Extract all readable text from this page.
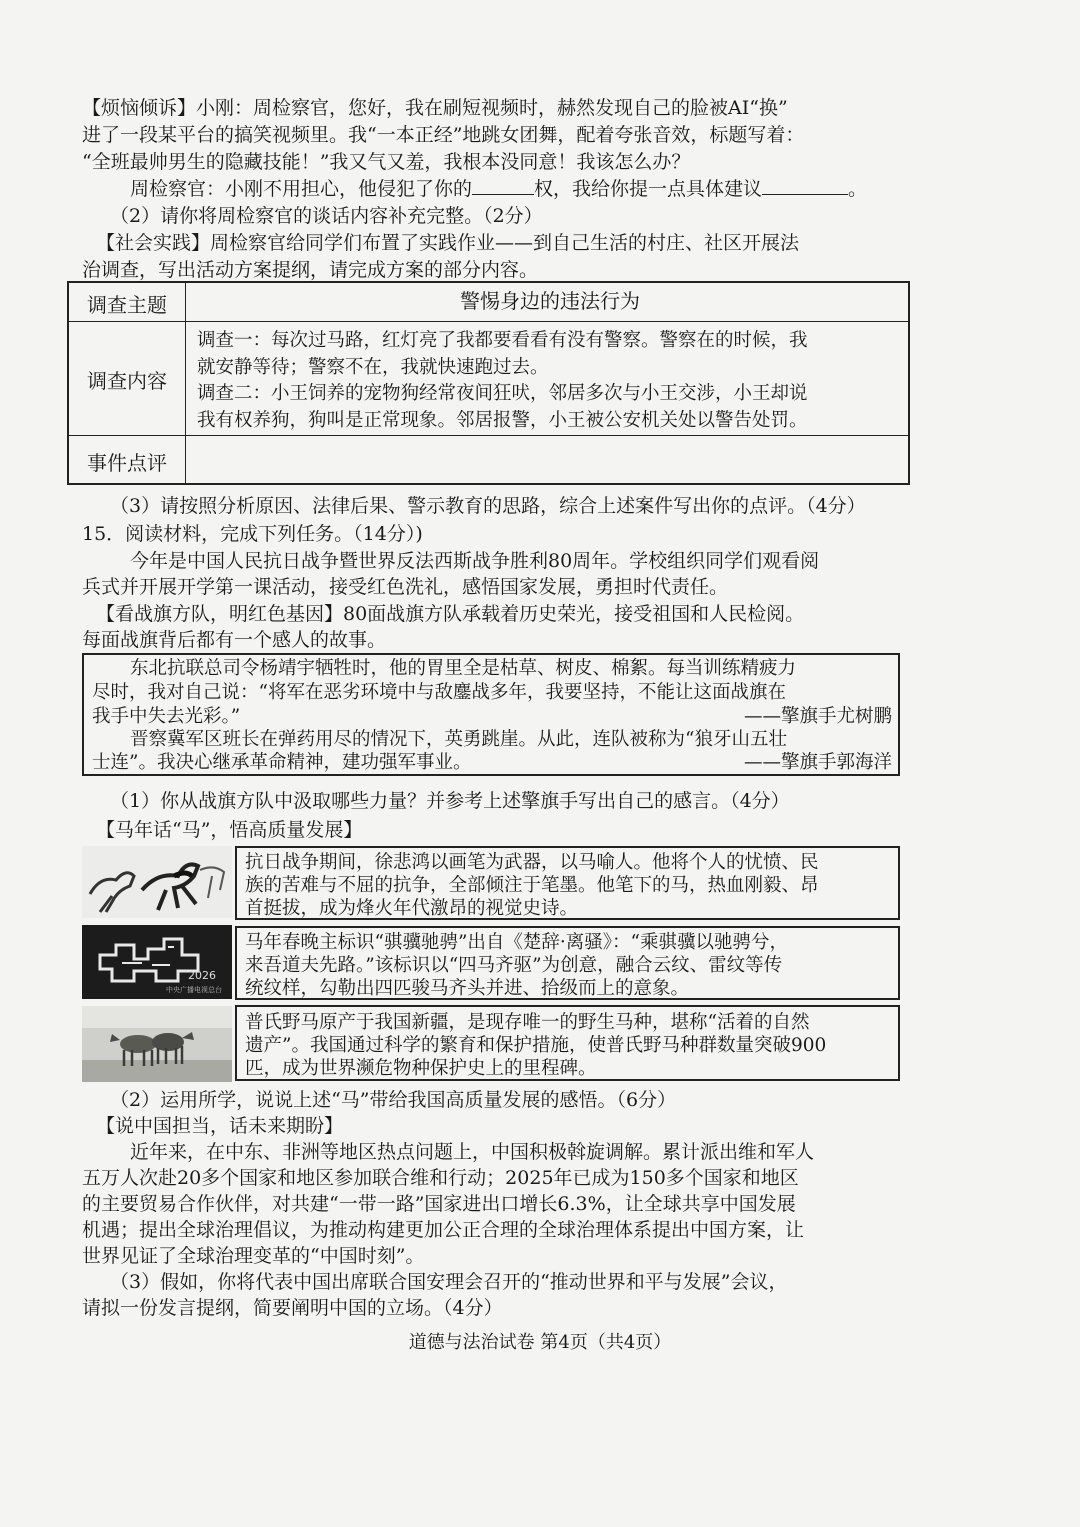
【烦恼倾诉】小刚：周检察官，您好，我在刷短视频时，赫然发现自己的脸被AI“换”
进了一段某平台的搞笑视频里。我“一本正经”地跳女团舞，配着夸张音效，标题写着：
“全班最帅男生的隐藏技能！”我又气又羞，我根本没同意！我该怎么办？
周检察官：小刚不用担心，他侵犯了你的	权，我给你提一点具体建议	。
（2）请你将周检察官的谈话内容补充完整。（2分）
【社会实践】周检察官给同学们布置了实践作业——到自己生活的村庄、社区开展法
治调查，写出活动方案提纲，请完成方案的部分内容。
调查主题	警惕身边的违法行为
调查内容
调查一：每次过马路，红灯亮了我都要看看有没有警察。警察在的时候，我
就安静等待；警察不在，我就快速跑过去。
调查二：小王饲养的宠物狗经常夜间狂吠，邻居多次与小王交涉，小王却说
我有权养狗，狗叫是正常现象。邻居报警，小王被公安机关处以警告处罚。
事件点评
（3）请按照分析原因、法律后果、警示教育的思路，综合上述案件写出你的点评。（4分）
15．阅读材料，完成下列任务。（14分）)
今年是中国人民抗日战争暨世界反法西斯战争胜利80周年。学校组织同学们观看阅
兵式并开展开学第一课活动，接受红色洗礼，感悟国家发展，勇担时代责任。
【看战旗方队，明红色基因】80面战旗方队承载着历史荣光，接受祖国和人民检阅。
每面战旗背后都有一个感人的故事。
东北抗联总司令杨靖宇牺牲时，他的胃里全是枯草、树皮、棉絮。每当训练精疲力
尽时，我对自己说：“将军在恶劣环境中与敌鏖战多年，我要坚持，不能让这面战旗在
我手中失去光彩。”	——擎旗手尤树鹏
晋察冀军区班长在弹药用尽的情况下，英勇跳崖。从此，连队被称为“狼牙山五壮
士连”。我决心继承革命精神，建功强军事业。	——擎旗手郭海洋
（1）你从战旗方队中汲取哪些力量？并参考上述擎旗手写出自己的感言。（4分）
【马年话“马”，悟高质量发展】
抗日战争期间，徐悲鸿以画笔为武器，以马喻人。他将个人的忧愤、民
族的苦难与不屈的抗争，全部倾注于笔墨。他笔下的马，热血刚毅、昂
首挺拔，成为烽火年代激昂的视觉史诗。
2026
中央广播电视总台
马年春晚主标识“骐骥驰骋”出自《楚辞·离骚》：“乘骐骥以驰骋兮，
来吾道夫先路。”该标识以“四马齐驱”为创意，融合云纹、雷纹等传
统纹样，勾勒出四匹骏马齐头并进、拾级而上的意象。
普氏野马原产于我国新疆，是现存唯一的野生马种，堪称“活着的自然
遗产”。我国通过科学的繁育和保护措施，使普氏野马种群数量突破900
匹，成为世界濒危物种保护史上的里程碑。
（2）运用所学，说说上述“马”带给我国高质量发展的感悟。（6分）
【说中国担当，话未来期盼】
近年来，在中东、非洲等地区热点问题上，中国积极斡旋调解。累计派出维和军人
五万人次赴20多个国家和地区参加联合维和行动；2025年已成为150多个国家和地区
的主要贸易合作伙伴，对共建“一带一路”国家进出口增长6.3%，让全球共享中国发展
机遇；提出全球治理倡议，为推动构建更加公正合理的全球治理体系提出中国方案，让
世界见证了全球治理变革的“中国时刻”。
（3）假如，你将代表中国出席联合国安理会召开的“推动世界和平与发展”会议，
请拟一份发言提纲，简要阐明中国的立场。（4分）
道德与法治试卷 第4页（共4页）
